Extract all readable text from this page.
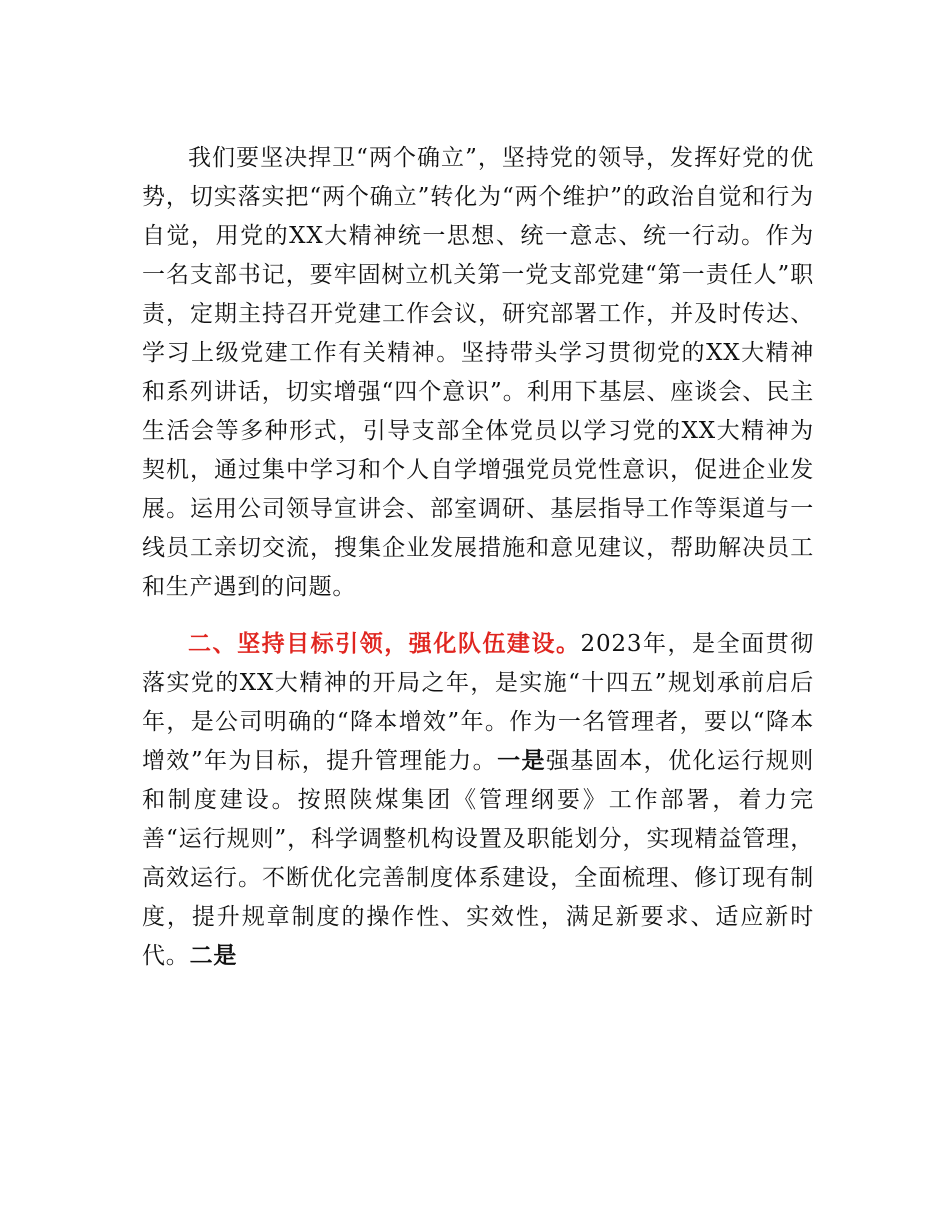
我们要坚决捍卫“两个确立”，坚持党的领导，发挥好党的优势，切实落实把“两个确立”转化为“两个维护”的政治自觉和行为自觉，用党的XX大精神统一思想、统一意志、统一行动。作为一名支部书记，要牢固树立机关第一党支部党建“第一责任人”职责，定期主持召开党建工作会议，研究部署工作，并及时传达、学习上级党建工作有关精神。坚持带头学习贯彻党的XX大精神和系列讲话，切实增强“四个意识”。利用下基层、座谈会、民主生活会等多种形式，引导支部全体党员以学习党的XX大精神为契机，通过集中学习和个人自学增强党员党性意识，促进企业发展。运用公司领导宣讲会、部室调研、基层指导工作等渠道与一线员工亲切交流，搜集企业发展措施和意见建议，帮助解决员工和生产遇到的问题。

二、坚持目标引领，强化队伍建设。2023年，是全面贯彻落实党的XX大精神的开局之年，是实施“十四五”规划承前启后年，是公司明确的“降本增效”年。作为一名管理者，要以“降本增效”年为目标，提升管理能力。一是强基固本，优化运行规则和制度建设。按照陕煤集团《管理纲要》工作部署，着力完善“运行规则”，科学调整机构设置及职能划分，实现精益管理，高效运行。不断优化完善制度体系建设，全面梳理、修订现有制度，提升规章制度的操作性、实效性，满足新要求、适应新时代。二是
